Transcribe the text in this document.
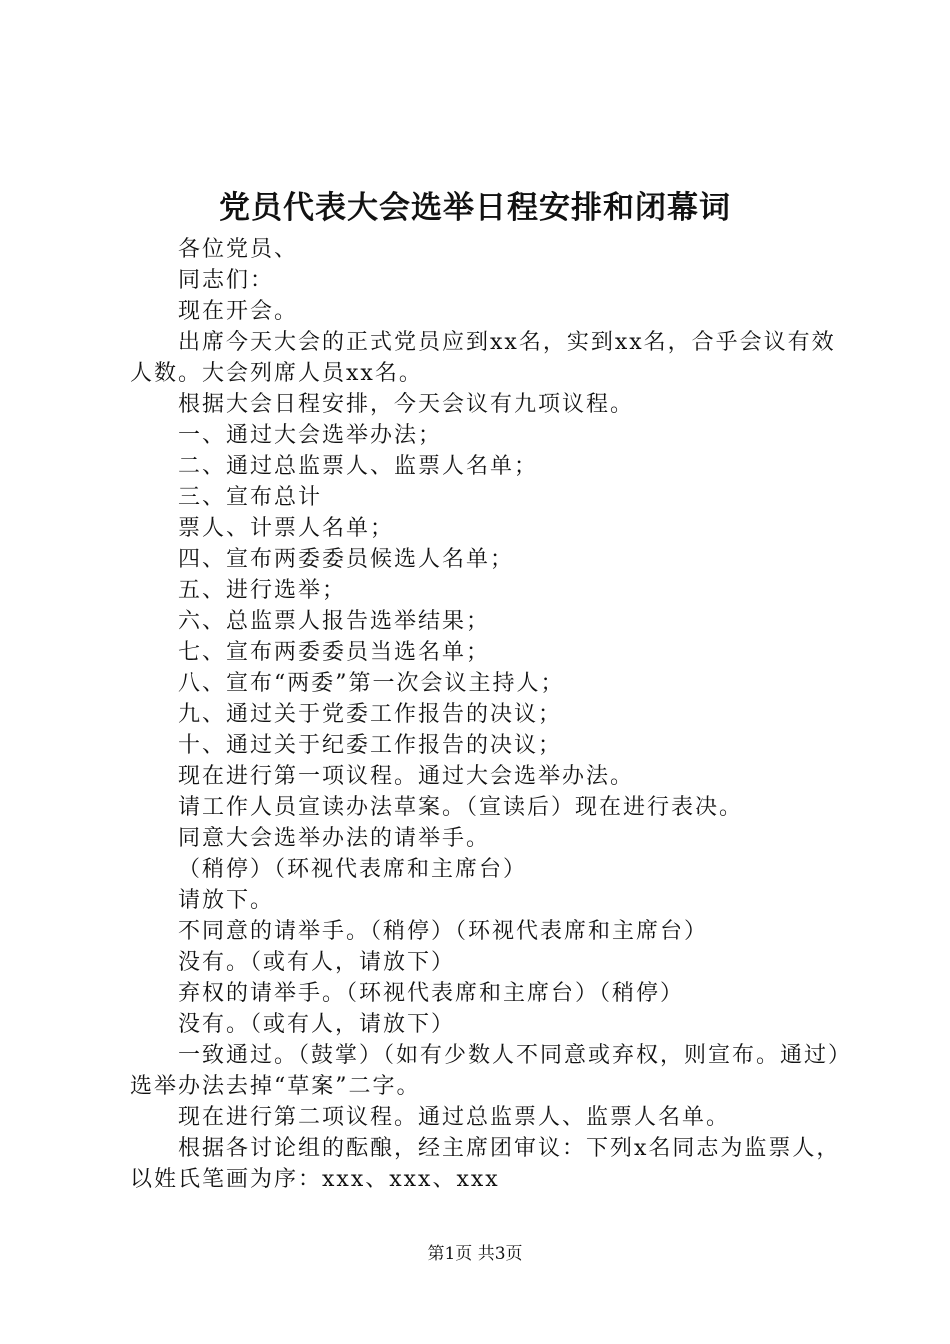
党员代表大会选举日程安排和闭幕词

各位党员、

同志们：

现在开会。

出席今天大会的正式党员应到xx名，实到xx名，合乎会议有效人数。大会列席人员xx名。

根据大会日程安排，今天会议有九项议程。

一、通过大会选举办法；

二、通过总监票人、监票人名单；

三、宣布总计

票人、计票人名单；

四、宣布两委委员候选人名单；

五、进行选举；

六、总监票人报告选举结果；

七、宣布两委委员当选名单；

八、宣布“两委”第一次会议主持人；

九、通过关于党委工作报告的决议；

十、通过关于纪委工作报告的决议；

现在进行第一项议程。通过大会选举办法。

请工作人员宣读办法草案。（宣读后）现在进行表决。

同意大会选举办法的请举手。

（稍停）（环视代表席和主席台）

请放下。

不同意的请举手。（稍停）（环视代表席和主席台）

没有。（或有人，请放下）

弃权的请举手。（环视代表席和主席台）（稍停）

没有。（或有人，请放下）

一致通过。（鼓掌）（如有少数人不同意或弃权，则宣布。通过）选举办法去掉“草案”二字。

现在进行第二项议程。通过总监票人、监票人名单。

根据各讨论组的酝酿，经主席团审议：下列x名同志为监票人，以姓氏笔画为序：xxx、xxx、xxx

第1页 共3页
